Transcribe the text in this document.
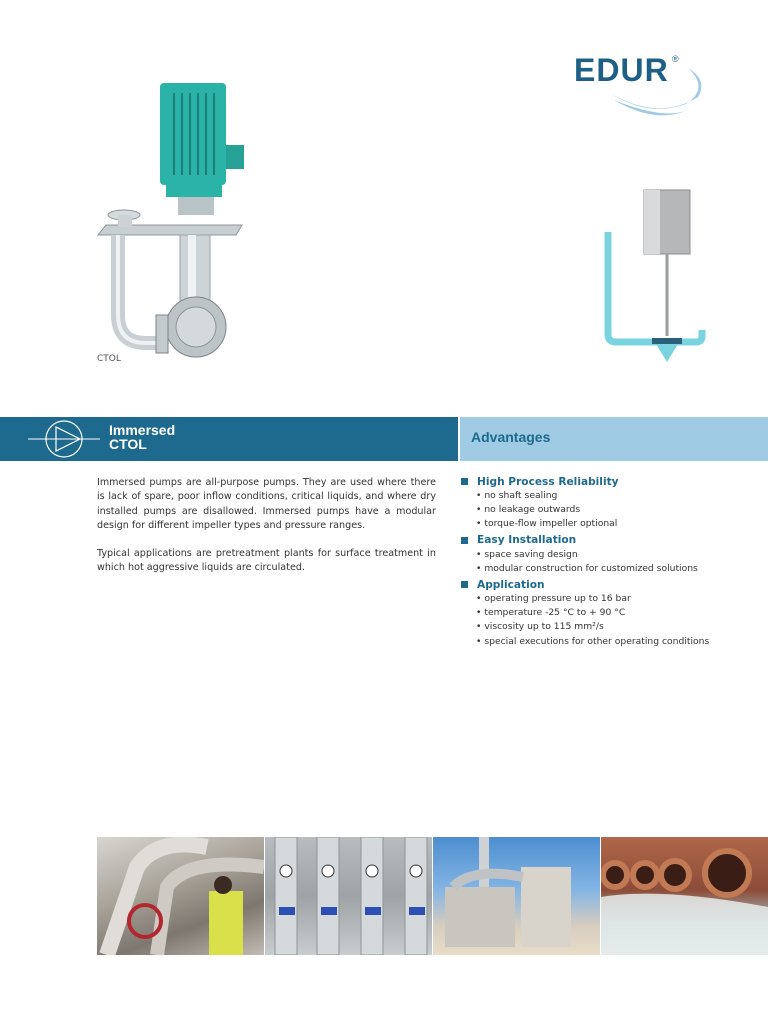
EDUR ®
CTOL
Immersed
CTOL	Advantages

Immersed pumps are all-purpose pumps. They are used where there is lack of spare, poor inflow conditions, critical liquids, and where dry installed pumps are disallowed. Immersed pumps have a modular design for different impeller types and pressure ranges.

Typical applications are pretreatment plants for surface treatment in which hot aggressive liquids are circulated.

High Process Reliability
• no shaft sealing
• no leakage outwards
• torque-flow impeller optional
Easy Installation
• space saving design
• modular construction for customized solutions
Application
• operating pressure up to 16 bar
• temperature -25 °C to + 90 °C
• viscosity up to 115 mm²/s
• special executions for other operating conditions
